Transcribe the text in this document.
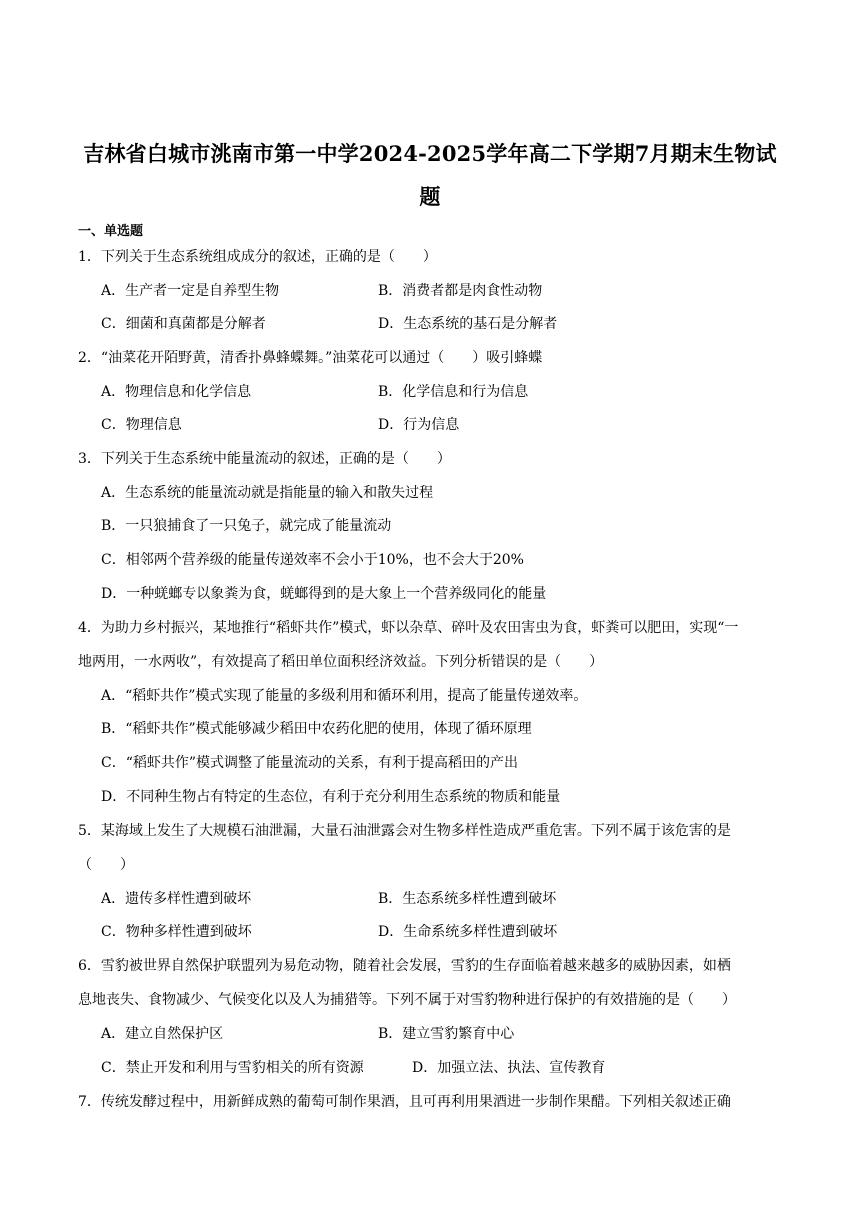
吉林省白城市洮南市第一中学2024-2025学年高二下学期7月期末生物试
题
一、单选题
1．下列关于生态系统组成成分的叙述，正确的是（　　）
A．生产者一定是自养型生物	B．消费者都是肉食性动物
C．细菌和真菌都是分解者	D．生态系统的基石是分解者
2．“油菜花开陌野黄，清香扑鼻蜂蝶舞。”油菜花可以通过（　　）吸引蜂蝶
A．物理信息和化学信息	B．化学信息和行为信息
C．物理信息	D．行为信息
3．下列关于生态系统中能量流动的叙述，正确的是（　　）
A．生态系统的能量流动就是指能量的输入和散失过程
B．一只狼捕食了一只兔子，就完成了能量流动
C．相邻两个营养级的能量传递效率不会小于10%，也不会大于20%
D．一种蜣螂专以象粪为食，蜣螂得到的是大象上一个营养级同化的能量
4．为助力乡村振兴，某地推行“稻虾共作”模式，虾以杂草、碎叶及农田害虫为食，虾粪可以肥田，实现“一
地两用，一水两收”，有效提高了稻田单位面积经济效益。下列分析错误的是（　　）
A．“稻虾共作”模式实现了能量的多级利用和循环利用，提高了能量传递效率。
B．“稻虾共作”模式能够减少稻田中农药化肥的使用，体现了循环原理
C．“稻虾共作”模式调整了能量流动的关系，有利于提高稻田的产出
D．不同种生物占有特定的生态位，有利于充分利用生态系统的物质和能量
5．某海域上发生了大规模石油泄漏，大量石油泄露会对生物多样性造成严重危害。下列不属于该危害的是
（　　）
A．遗传多样性遭到破坏	B．生态系统多样性遭到破坏
C．物种多样性遭到破坏	D．生命系统多样性遭到破坏
6．雪豹被世界自然保护联盟列为易危动物，随着社会发展，雪豹的生存面临着越来越多的威胁因素，如栖
息地丧失、食物减少、气候变化以及人为捕猎等。下列不属于对雪豹物种进行保护的有效措施的是（　　）
A．建立自然保护区	B．建立雪豹繁育中心
C．禁止开发和利用与雪豹相关的所有资源	D．加强立法、执法、宣传教育
7．传统发酵过程中，用新鲜成熟的葡萄可制作果酒，且可再利用果酒进一步制作果醋。下列相关叙述正确
